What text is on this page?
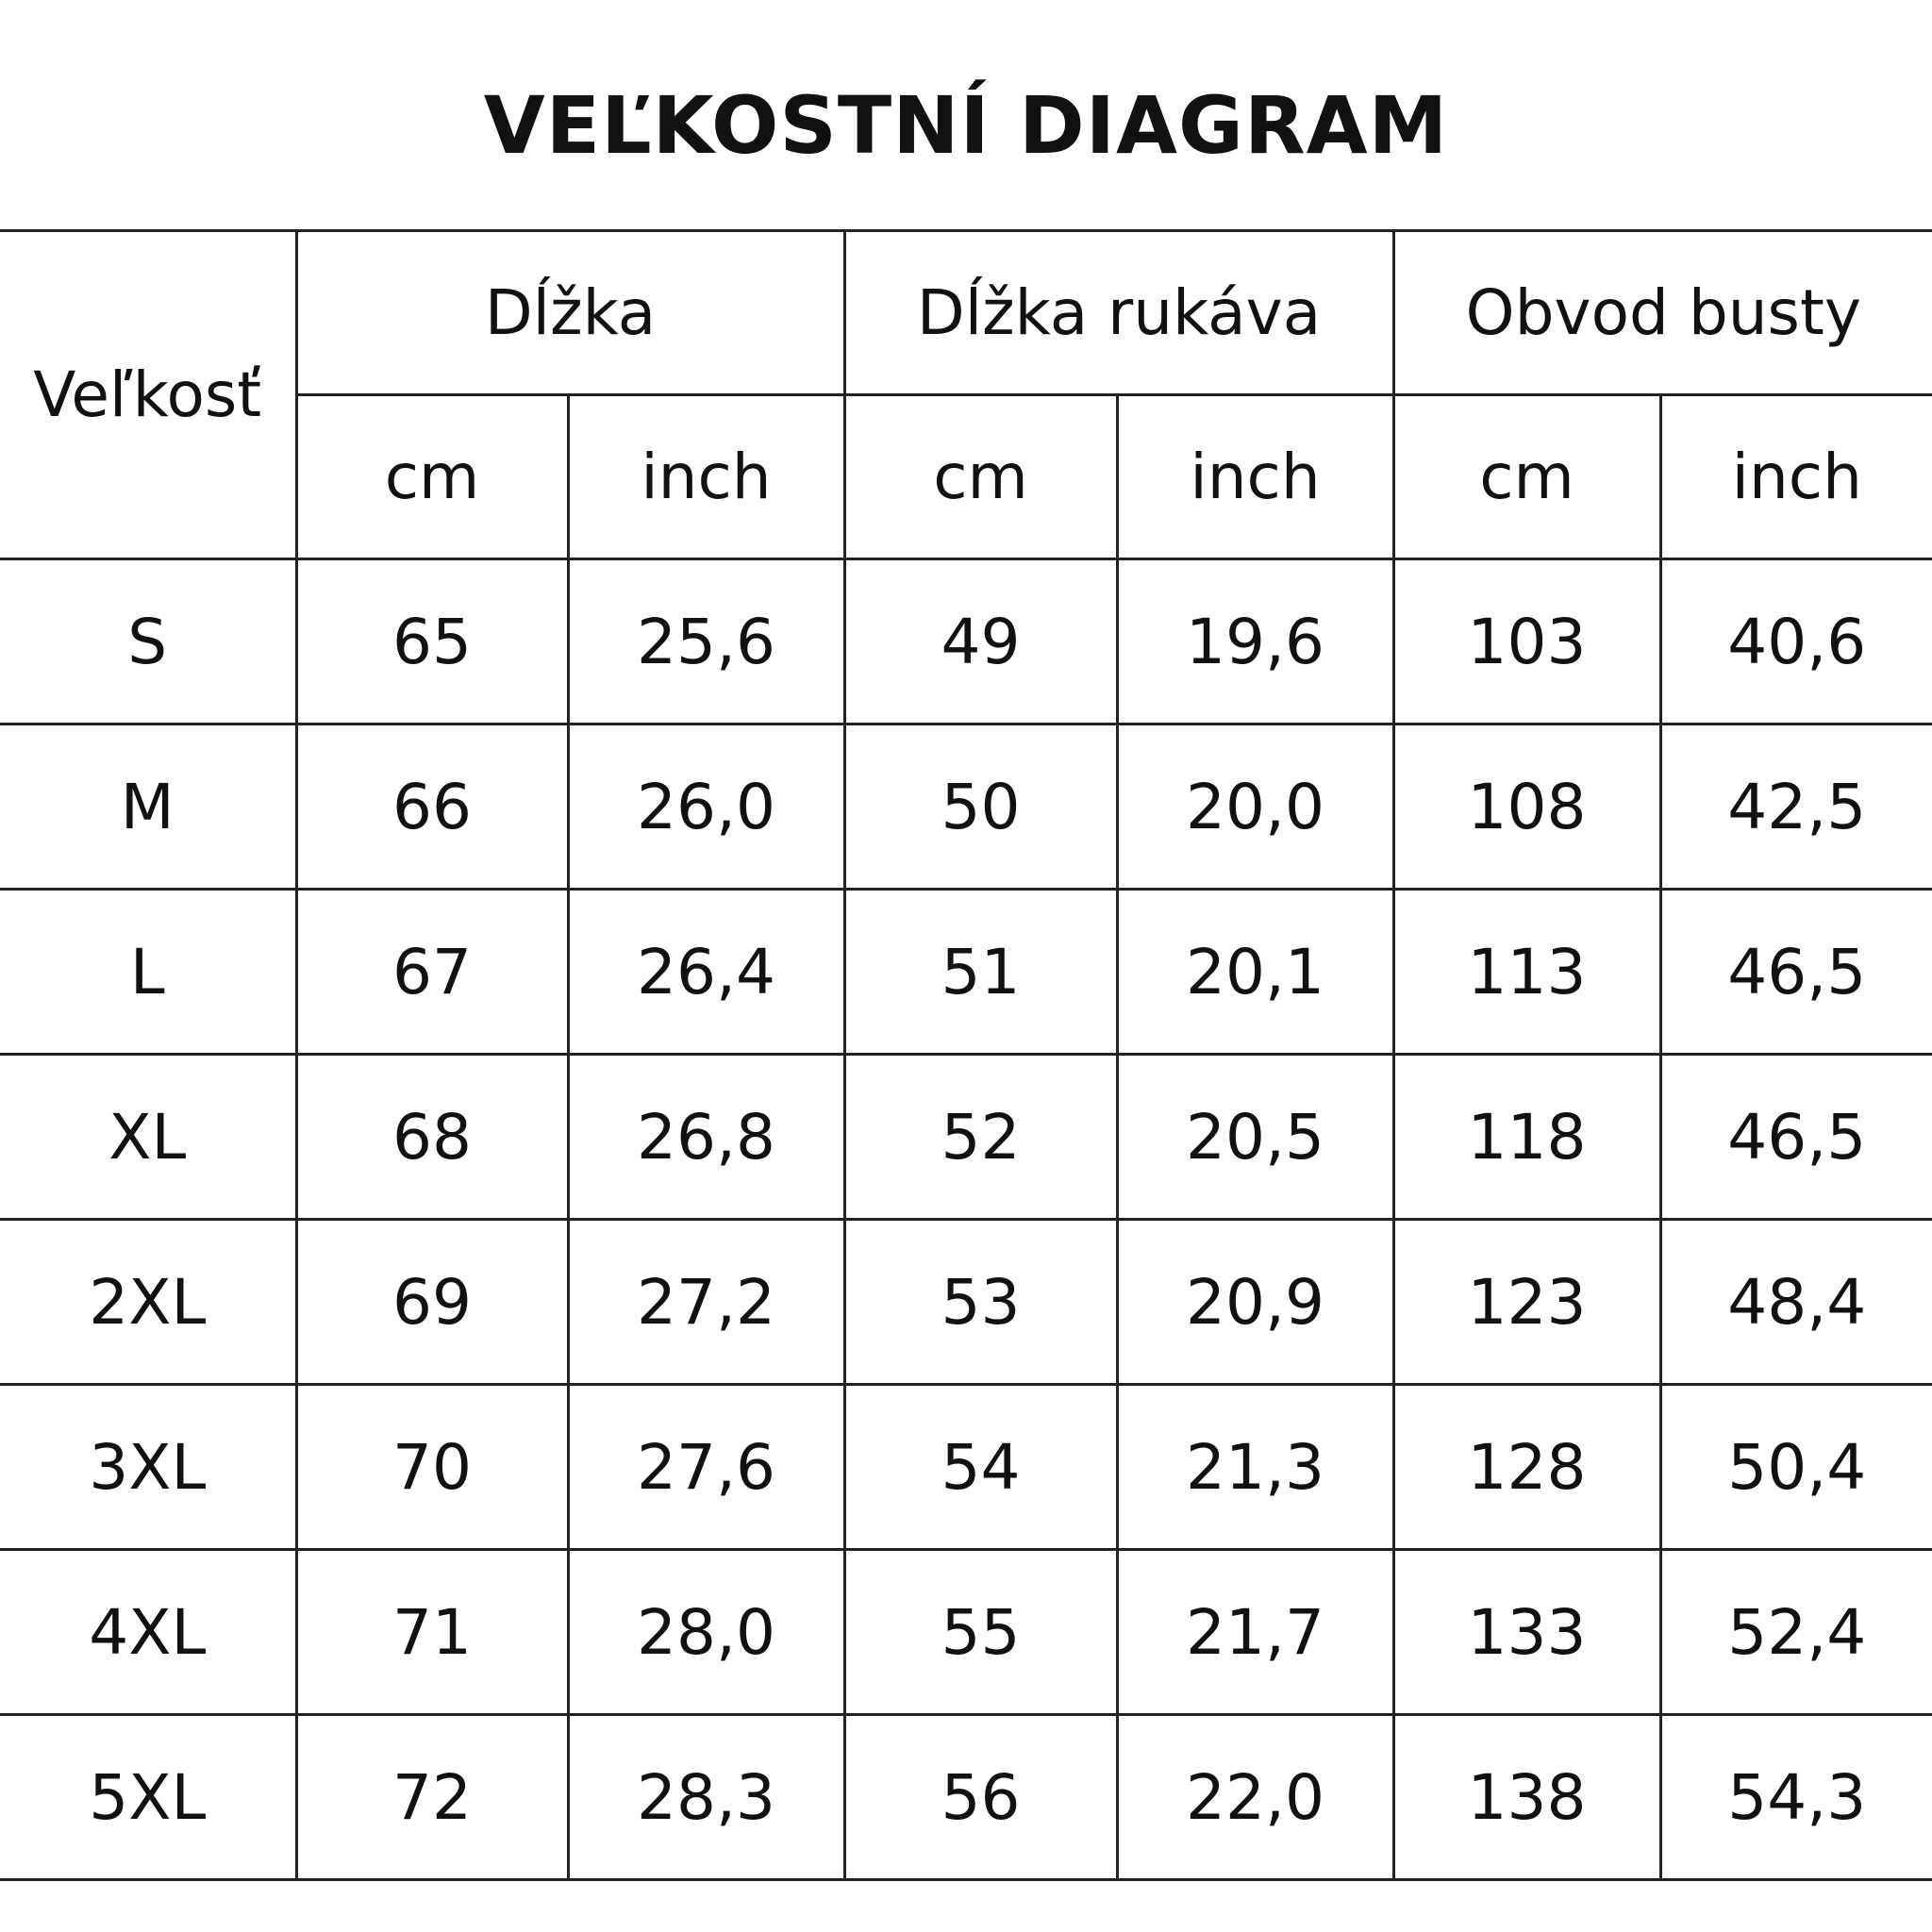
VEĽKOSTNÍ DIAGRAM
Veľkosť	Dĺžka		Dĺžka rukáva		Obvod busty	
	cm	inch	cm	inch	cm	inch
S	65	25,6	49	19,6	103	40,6
M	66	26,0	50	20,0	108	42,5
L	67	26,4	51	20,1	113	46,5
XL	68	26,8	52	20,5	118	46,5
2XL	69	27,2	53	20,9	123	48,4
3XL	70	27,6	54	21,3	128	50,4
4XL	71	28,0	55	21,7	133	52,4
5XL	72	28,3	56	22,0	138	54,3
